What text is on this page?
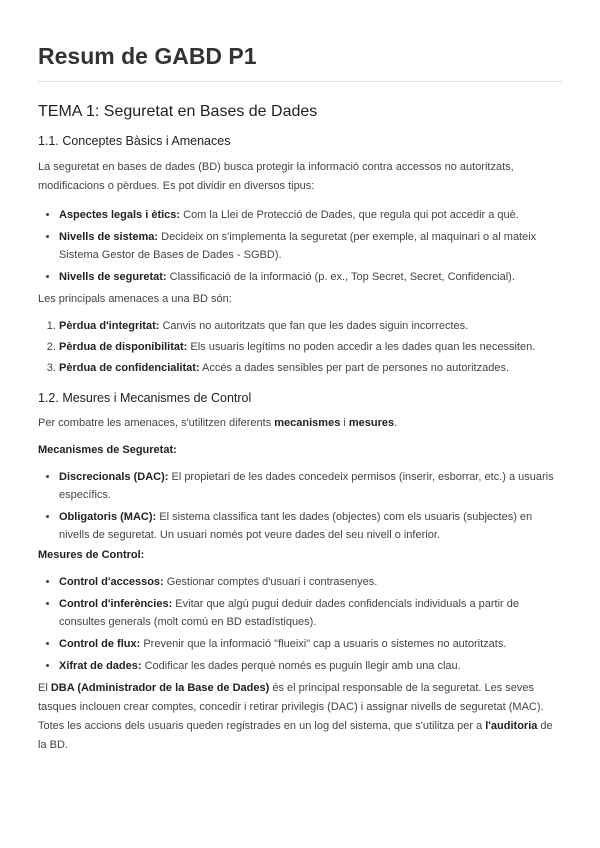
Resum de GABD P1
TEMA 1: Seguretat en Bases de Dades
1.1. Conceptes Bàsics i Amenaces

La seguretat en bases de dades (BD) busca protegir la informació contra accessos no autoritzats, modificacions o pèrdues. Es pot dividir en diversos tipus:

• Aspectes legals i ètics: Com la Llei de Protecció de Dades, que regula qui pot accedir a què.
• Nivells de sistema: Decideix on s'implementa la seguretat (per exemple, al maquinari o al mateix Sistema Gestor de Bases de Dades - SGBD).
• Nivells de seguretat: Classificació de la informació (p. ex., Top Secret, Secret, Confidencial).

Les principals amenaces a una BD són:

1. Pèrdua d'integritat: Canvis no autoritzats que fan que les dades siguin incorrectes.
2. Pèrdua de disponibilitat: Els usuaris legítims no poden accedir a les dades quan les necessiten.
3. Pèrdua de confidencialitat: Accés a dades sensibles per part de persones no autoritzades.
1.2. Mesures i Mecanismes de Control

Per combatre les amenaces, s'utilitzen diferents mecanismes i mesures.

Mecanismes de Seguretat:
• Discrecionals (DAC): El propietari de les dades concedeix permisos (inserir, esborrar, etc.) a usuaris específics.
• Obligatoris (MAC): El sistema classifica tant les dades (objectes) com els usuaris (subjectes) en nivells de seguretat. Un usuari només pot veure dades del seu nivell o inferior.
Mesures de Control:
• Control d'accessos: Gestionar comptes d'usuari i contrasenyes.
• Control d'inferències: Evitar que algú pugui deduir dades confidencials individuals a partir de consultes generals (molt comú en BD estadístiques).
• Control de flux: Prevenir que la informació "flueixi" cap a usuaris o sistemes no autoritzats.
• Xifrat de dades: Codificar les dades perquè només es puguin llegir amb una clau.

El DBA (Administrador de la Base de Dades) és el principal responsable de la seguretat. Les seves tasques inclouen crear comptes, concedir i retirar privilegis (DAC) i assignar nivells de seguretat (MAC). Totes les accions dels usuaris queden registrades en un log del sistema, que s'utilitza per a l'auditoria de la BD.
